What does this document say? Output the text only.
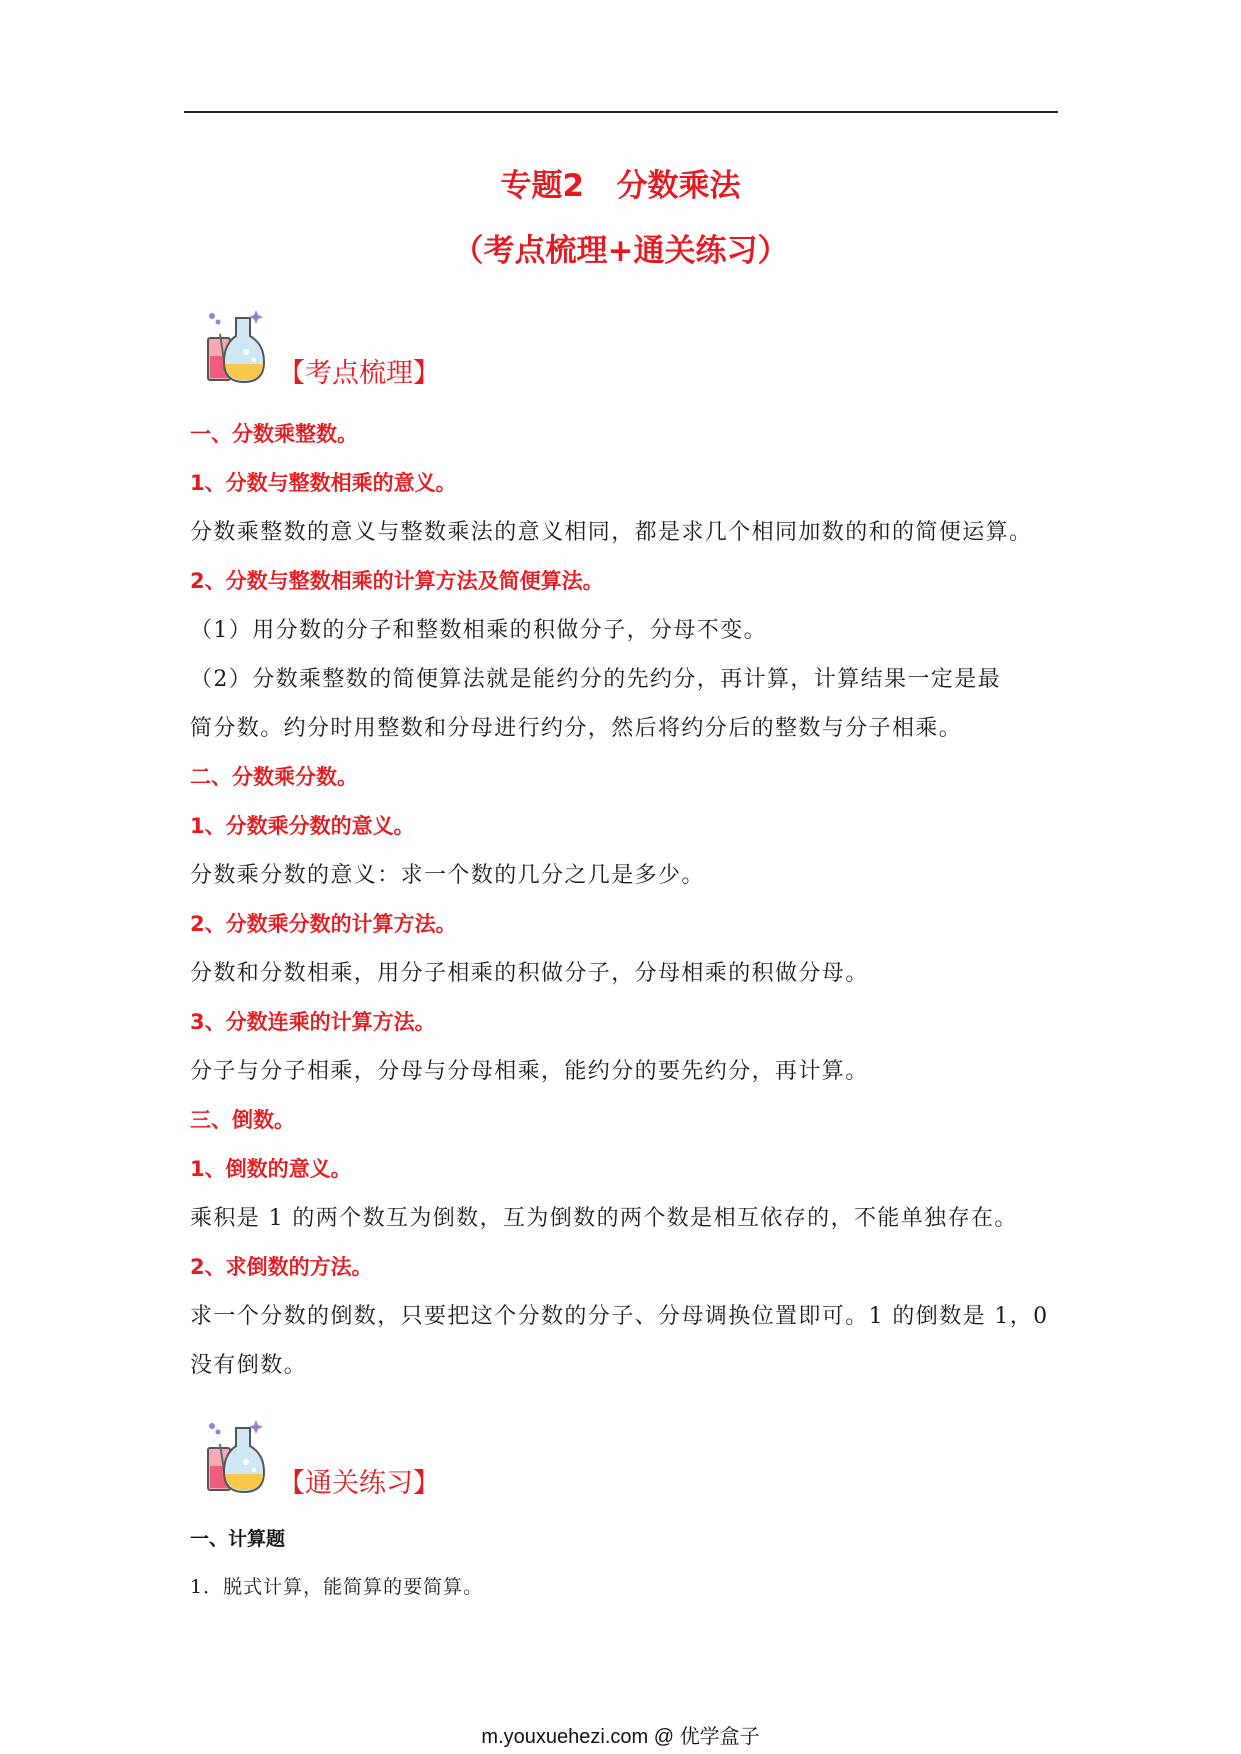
专题2   分数乘法
（考点梳理+通关练习）
【考点梳理】
一、分数乘整数。
1、分数与整数相乘的意义。
分数乘整数的意义与整数乘法的意义相同，都是求几个相同加数的和的简便运算。
2、分数与整数相乘的计算方法及简便算法。
（1）用分数的分子和整数相乘的积做分子，分母不变。
（2）分数乘整数的简便算法就是能约分的先约分，再计算，计算结果一定是最
简分数。约分时用整数和分母进行约分，然后将约分后的整数与分子相乘。
二、分数乘分数。
1、分数乘分数的意义。
分数乘分数的意义：求一个数的几分之几是多少。
2、分数乘分数的计算方法。
分数和分数相乘，用分子相乘的积做分子，分母相乘的积做分母。
3、分数连乘的计算方法。
分子与分子相乘，分母与分母相乘，能约分的要先约分，再计算。
三、倒数。
1、倒数的意义。
乘积是 1 的两个数互为倒数，互为倒数的两个数是相互依存的，不能单独存在。
2、求倒数的方法。
求一个分数的倒数，只要把这个分数的分子、分母调换位置即可。1 的倒数是 1，0
没有倒数。
【通关练习】
一、计算题
1．脱式计算，能简算的要简算。
m.youxuehezi.com @ 优学盒子
